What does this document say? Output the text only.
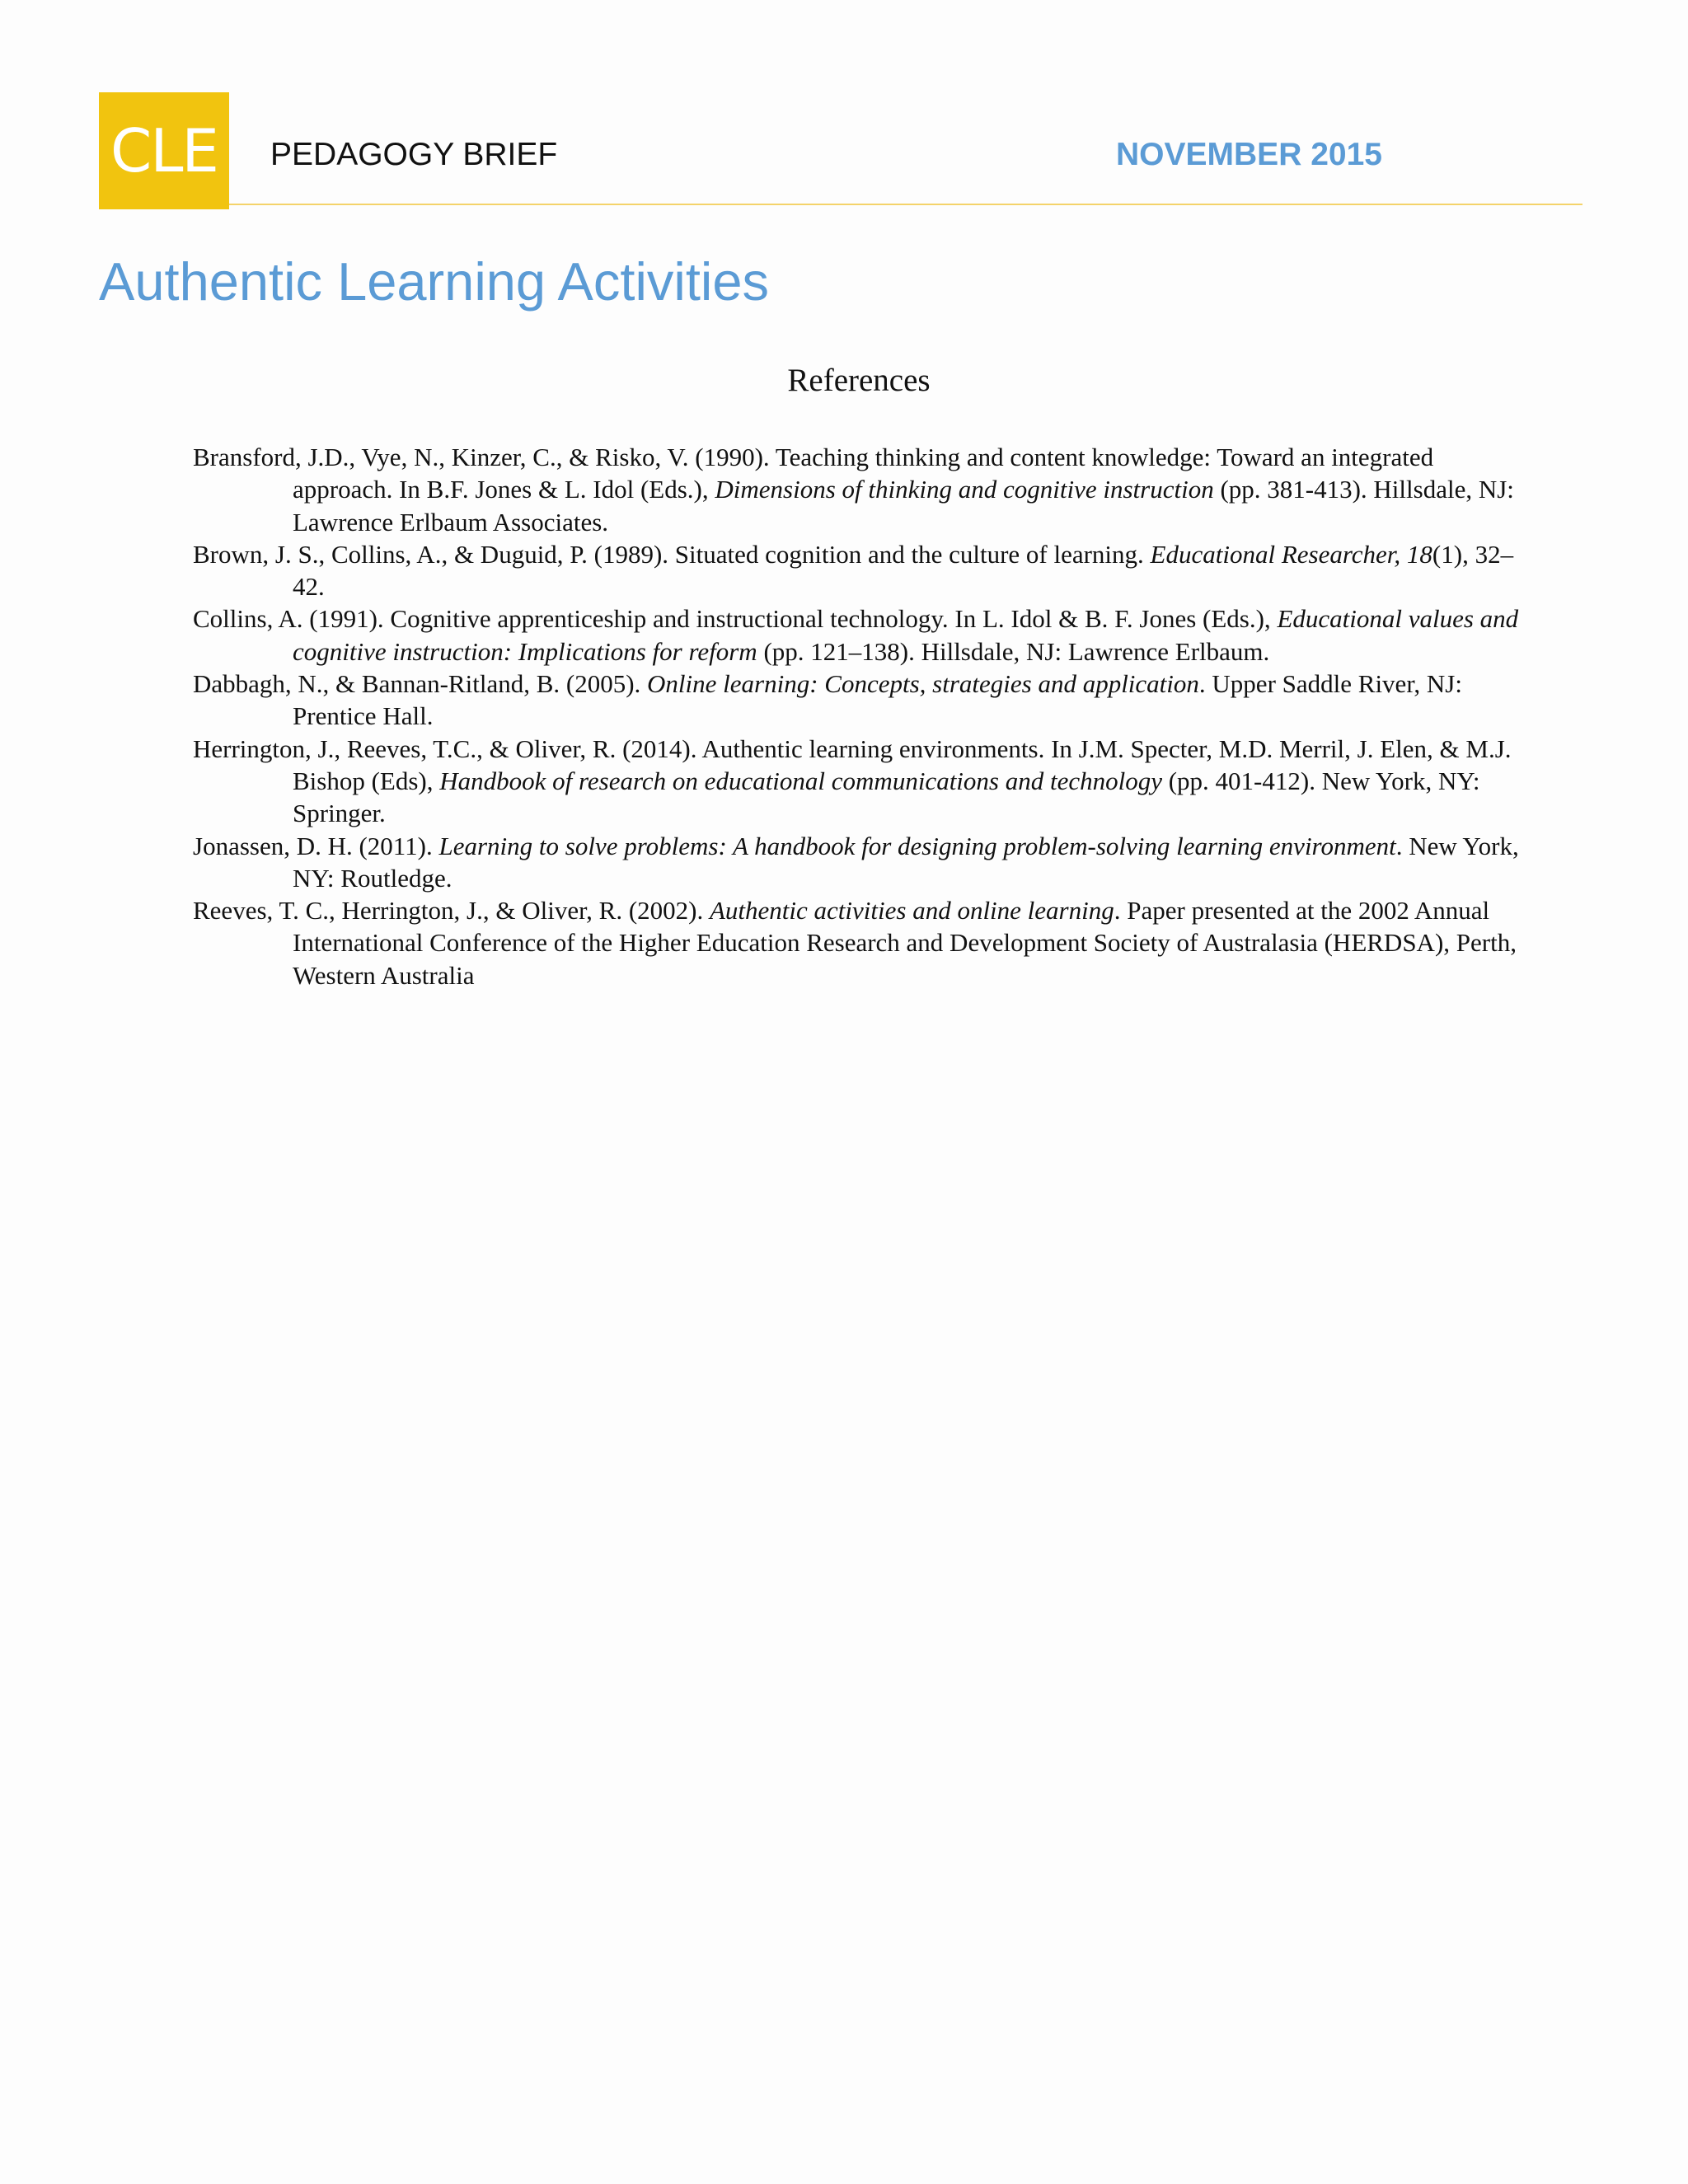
CLE	PEDAGOGY BRIEF	NOVEMBER 2015
Authentic Learning Activities
References
Bransford, J.D., Vye, N., Kinzer, C., & Risko, V. (1990). Teaching thinking and content knowledge: Toward an integrated approach. In B.F. Jones & L. Idol (Eds.), Dimensions of thinking and cognitive instruction (pp. 381-413). Hillsdale, NJ: Lawrence Erlbaum Associates.
Brown, J. S., Collins, A., & Duguid, P. (1989). Situated cognition and the culture of learning. Educational Researcher, 18(1), 32– 42.
Collins, A. (1991). Cognitive apprenticeship and instructional technology. In L. Idol & B. F. Jones (Eds.), Educational values and cognitive instruction: Implications for reform (pp. 121–138). Hillsdale, NJ: Lawrence Erlbaum.
Dabbagh, N., & Bannan-Ritland, B. (2005). Online learning: Concepts, strategies and application. Upper Saddle River, NJ: Prentice Hall.
Herrington, J., Reeves, T.C., & Oliver, R. (2014). Authentic learning environments. In J.M. Specter, M.D. Merril, J. Elen, & M.J. Bishop (Eds), Handbook of research on educational communications and technology (pp. 401-412). New York, NY: Springer.
Jonassen, D. H. (2011). Learning to solve problems: A handbook for designing problem-solving learning environment. New York, NY: Routledge.
Reeves, T. C., Herrington, J., & Oliver, R. (2002). Authentic activities and online learning. Paper presented at the 2002 Annual International Conference of the Higher Education Research and Development Society of Australasia (HERDSA), Perth, Western Australia
